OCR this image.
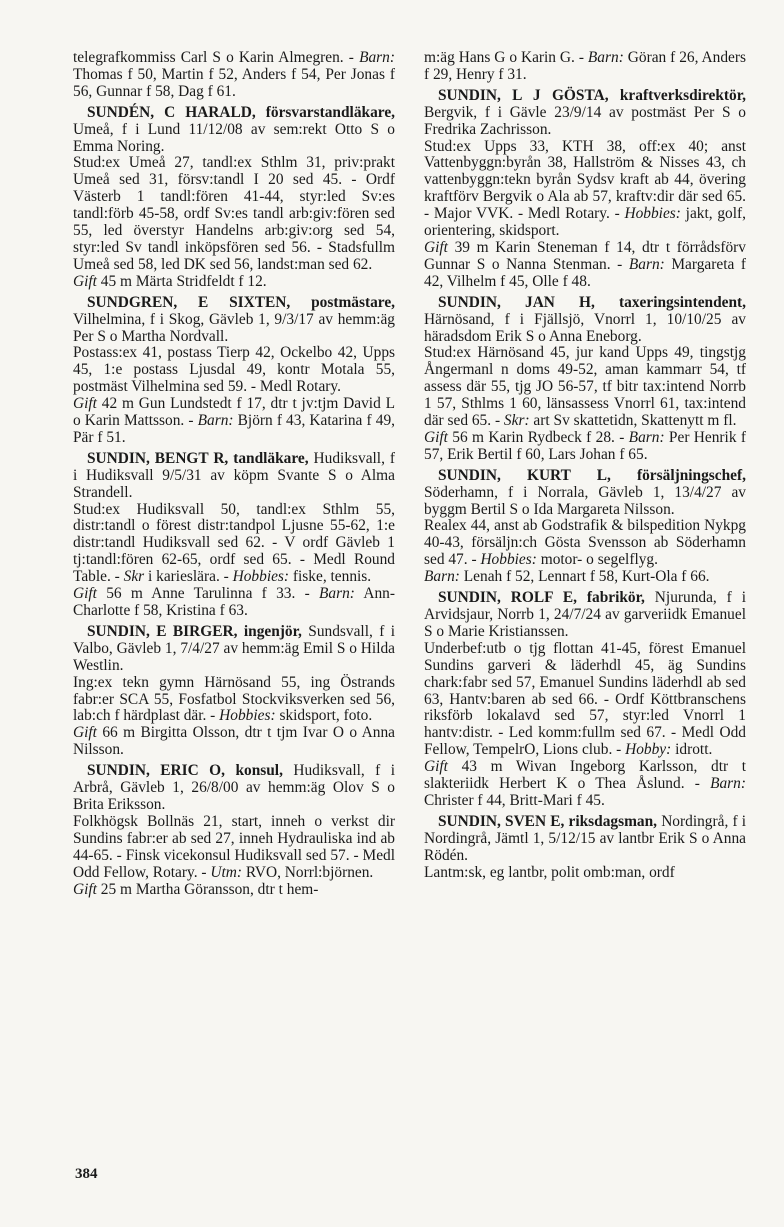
telegrafkommiss Carl S o Karin Almegren. - Barn: Thomas f 50, Martin f 52, Anders f 54, Per Jonas f 56, Gunnar f 58, Dag f 61.

SUNDÉN, C HARALD, försvarstandläkare, Umeå, f i Lund 11/12/08 av sem:rekt Otto S o Emma Noring.

Stud:ex Umeå 27, tandl:ex Sthlm 31, priv:prakt Umeå sed 31, försv:tandl I 20 sed 45. - Ordf Västerb 1 tandl:fören 41-44, styr:led Sv:es tandl:förb 45-58, ordf Sv:es tandl arb:giv:fören sed 55, led överstyr Handelns arb:giv:org sed 54, styr:led Sv tandl inköpsfören sed 56. - Stadsfullm Umeå sed 58, led DK sed 56, landst:man sed 62.

Gift 45 m Märta Stridfeldt f 12.

SUNDGREN, E SIXTEN, postmästare, Vilhelmina, f i Skog, Gävleb 1, 9/3/17 av hemm:äg Per S o Martha Nordvall.

Postass:ex 41, postass Tierp 42, Ockelbo 42, Upps 45, 1:e postass Ljusdal 49, kontr Motala 55, postmäst Vilhelmina sed 59. - Medl Rotary.

Gift 42 m Gun Lundstedt f 17, dtr t jv:tjm David L o Karin Mattsson. - Barn: Björn f 43, Katarina f 49, Pär f 51.

SUNDIN, BENGT R, tandläkare, Hudiksvall, f i Hudiksvall 9/5/31 av köpm Svante S o Alma Strandell.

Stud:ex Hudiksvall 50, tandl:ex Sthlm 55, distr:tandl o förest distr:tandpol Ljusne 55-62, 1:e distr:tandl Hudiksvall sed 62. - V ordf Gävleb 1 tj:tandl:fören 62-65, ordf sed 65. - Medl Round Table. - Skr i kariеslära. - Hobbies: fiske, tennis.

Gift 56 m Anne Tarulinna f 33. - Barn: Ann-Charlotte f 58, Kristina f 63.

SUNDIN, E BIRGER, ingenjör, Sundsvall, f i Valbo, Gävleb 1, 7/4/27 av hemm:äg Emil S o Hilda Westlin.

Ing:ex tekn gymn Härnösand 55, ing Östrands fabr:er SCA 55, Fosfatbol Stockviksverken sed 56, lab:ch f härdplast där. - Hobbies: skidsport, foto.

Gift 66 m Birgitta Olsson, dtr t tjm Ivar O o Anna Nilsson.

SUNDIN, ERIC O, konsul, Hudiksvall, f i Arbrå, Gävleb 1, 26/8/00 av hemm:äg Olov S o Brita Eriksson.

Folkhögsk Bollnäs 21, start, inneh o verkst dir Sundins fabr:er ab sed 27, inneh Hydrauliska ind ab 44-65. - Finsk vicekonsul Hudiksvall sed 57. - Medl Odd Fellow, Rotary. - Utm: RVO, Norrl:björnen.

Gift 25 m Martha Göransson, dtr t hem-

m:äg Hans G o Karin G. - Barn: Göran f 26, Anders f 29, Henry f 31.

SUNDIN, L J GÖSTA, kraftverksdirektör, Bergvik, f i Gävle 23/9/14 av postmäst Per S o Fredrika Zachrisson.

Stud:ex Upps 33, KTH 38, off:ex 40; anst Vattenbyggn:byrån 38, Hallström & Nisses 43, ch vattenbyggn:tekn byrån Sydsv kraft ab 44, övering kraftförv Bergvik o Ala ab 57, kraftv:dir där sed 65. - Major VVK. - Medl Rotary. - Hobbies: jakt, golf, orientering, skidsport.

Gift 39 m Karin Steneman f 14, dtr t förrådsförv Gunnar S o Nanna Stenman. - Barn: Margareta f 42, Vilhelm f 45, Olle f 48.

SUNDIN, JAN H, taxeringsintendent, Härnösand, f i Fjällsjö, Vnorrl 1, 10/10/25 av häradsdom Erik S o Anna Eneborg.

Stud:ex Härnösand 45, jur kand Upps 49, tingstjg Ångermanl n doms 49-52, aman kammarr 54, tf assess där 55, tjg JO 56-57, tf bitr tax:intend Norrb 1 57, Sthlms 1 60, länsassess Vnorrl 61, tax:intend där sed 65. - Skr: art Sv skattetidn, Skattenytt m fl.

Gift 56 m Karin Rydbeck f 28. - Barn: Per Henrik f 57, Erik Bertil f 60, Lars Johan f 65.

SUNDIN, KURT L, försäljningschef, Söderhamn, f i Norrala, Gävleb 1, 13/4/27 av byggm Bertil S o Ida Margareta Nilsson.

Realex 44, anst ab Godstrafik & bilspedition Nykpg 40-43, försäljn:ch Gösta Svensson ab Söderhamn sed 47. - Hobbies: motor- o segelflyg.

Barn: Lenah f 52, Lennart f 58, Kurt-Ola f 66.

SUNDIN, ROLF E, fabrikör, Njurunda, f i Arvidsjaur, Norrb 1, 24/7/24 av garveriidk Emanuel S o Marie Kristianssen.

Underbef:utb o tjg flottan 41-45, förest Emanuel Sundins garveri & läderhdl 45, äg Sundins chark:fabr sed 57, Emanuel Sundins läderhdl ab sed 63, Hantv:baren ab sed 66. - Ordf Köttbranschens riksförb lokalavd sed 57, styr:led Vnorrl 1 hantv:distr. - Led komm:fullm sed 67. - Medl Odd Fellow, TempelrO, Lions club. - Hobby: idrott.

Gift 43 m Wivan Ingeborg Karlsson, dtr t slakteriidk Herbert K o Thea Åslund. - Barn: Christer f 44, Britt-Mari f 45.

SUNDIN, SVEN E, riksdagsman, Nordingrå, f i Nordingrå, Jämtl 1, 5/12/15 av lantbr Erik S o Anna Rödén.

Lantm:sk, eg lantbr, polit omb:man, ordf

384
